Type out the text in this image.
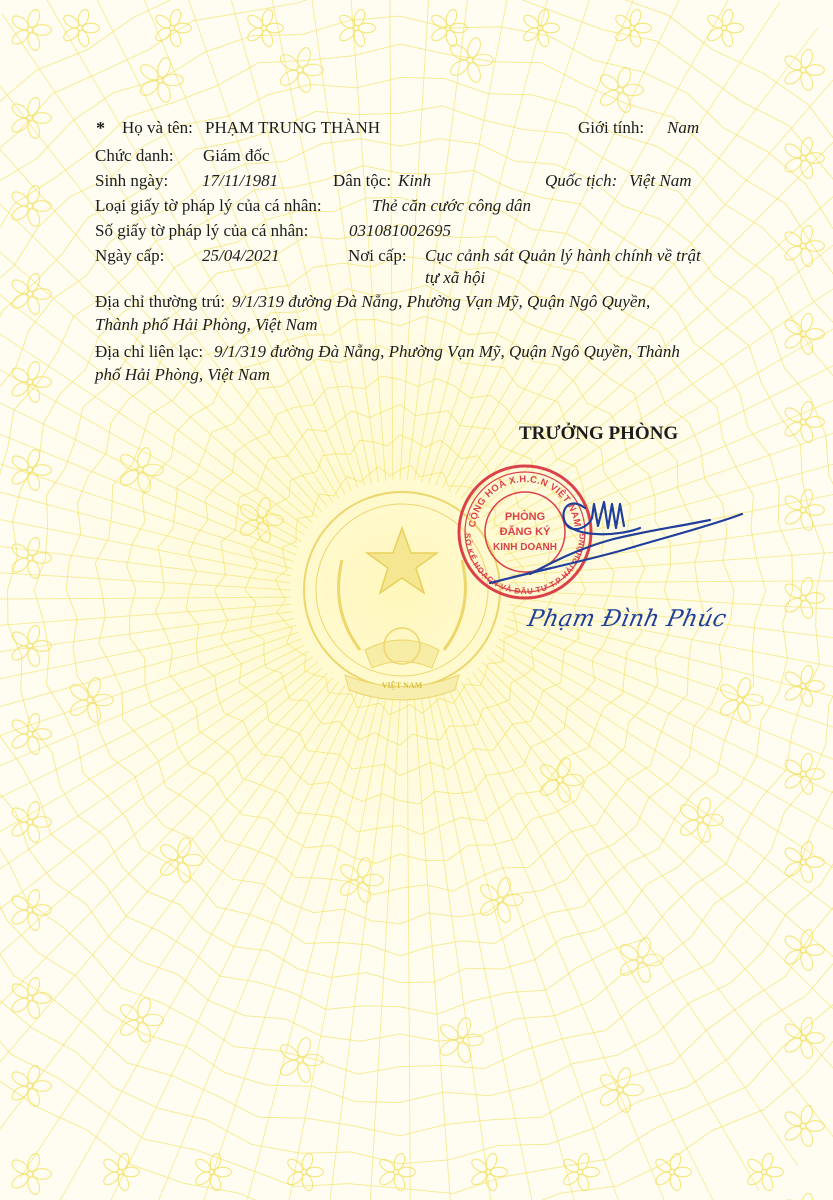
VIỆT NAM
* Họ và tên: PHẠM TRUNG THÀNH	Giới tính: Nam
Chức danh: Giám đốc
Sinh ngày: 17/11/1981	Dân tộc: Kinh	Quốc tịch: Việt Nam
Loại giấy tờ pháp lý của cá nhân:	Thẻ căn cước công dân
Số giấy tờ pháp lý của cá nhân: 031081002695
Ngày cấp: 25/04/2021	Nơi cấp: Cục cảnh sát Quản lý hành chính về trật
tự xã hội
Địa chỉ thường trú: 9/1/319 đường Đà Nẵng, Phường Vạn Mỹ, Quận Ngô Quyền,
Thành phố Hải Phòng, Việt Nam
Địa chỉ liên lạc: 9/1/319 đường Đà Nẵng, Phường Vạn Mỹ, Quận Ngô Quyền, Thành
phố Hải Phòng, Việt Nam
TRƯỞNG PHÒNG
CỘNG HOÀ X.H.C.N VIỆT NAM
SỞ KẾ HOẠCH VÀ ĐẦU TƯ T.P HẢI PHÒNG
PHÒNG
ĐĂNG KÝ
KINH DOANH
Phạm Đình Phúc
